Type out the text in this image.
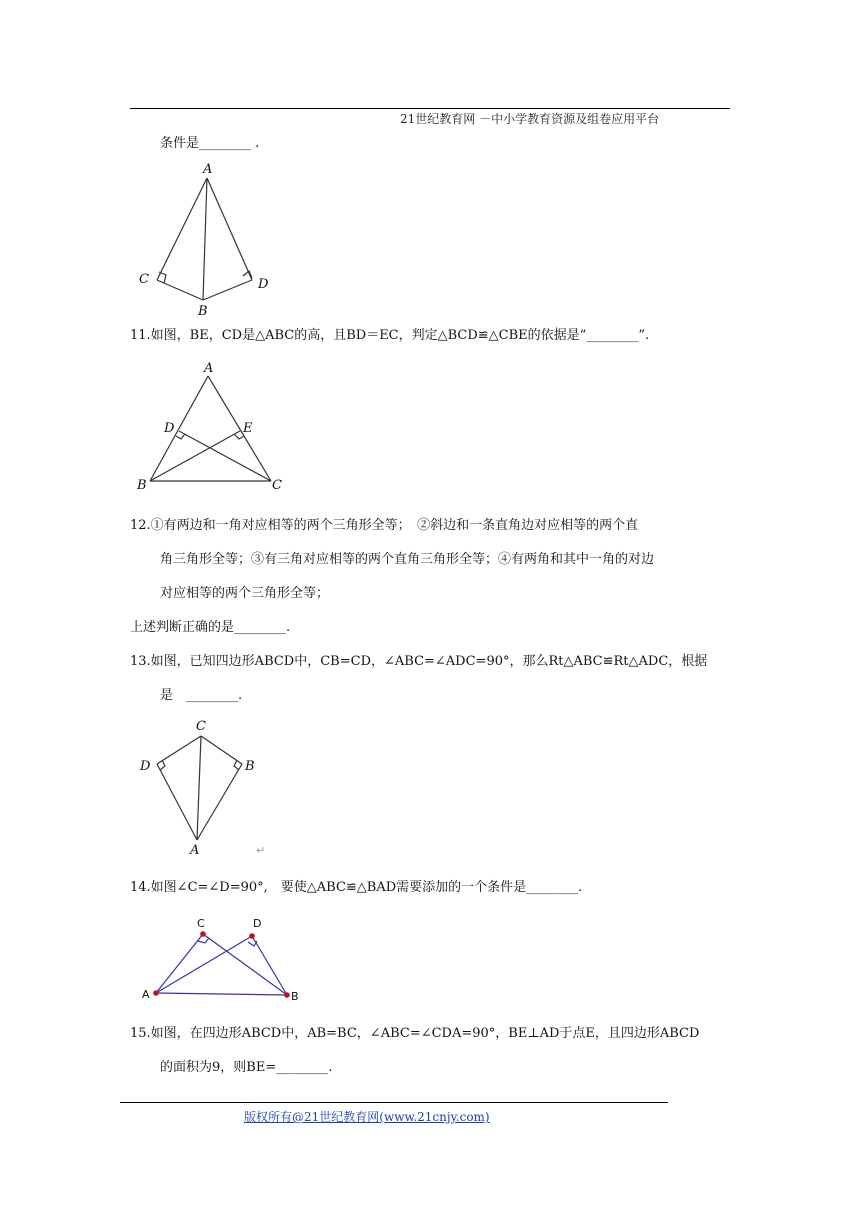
21世纪教育网 －中小学教育资源及组卷应用平台
条件是________ .
A
C
B
D
11.如图，BE，CD是△ABC的高，且BD＝EC，判定△BCD≌△CBE的依据是“________”.
A
D	E
B	C
12.①有两边和一角对应相等的两个三角形全等；　②斜边和一条直角边对应相等的两个直
角三角形全等；③有三角对应相等的两个直角三角形全等；④有两角和其中一角的对边
对应相等的两个三角形全等；
上述判断正确的是________.
13.如图，已知四边形ABCD中，CB=CD，∠ABC=∠ADC=90°，那么Rt△ABC≌Rt△ADC，根据
是　________.
C
D	B
A	↵
14.如图∠C=∠D=90°,　要使△ABC≌△BAD需要添加的一个条件是________.
C	D
A	B
15.如图，在四边形ABCD中，AB=BC，∠ABC=∠CDA=90°，BE⊥AD于点E，且四边形ABCD
的面积为9，则BE=________.
版权所有@21世纪教育网(www.21cnjy.com)
